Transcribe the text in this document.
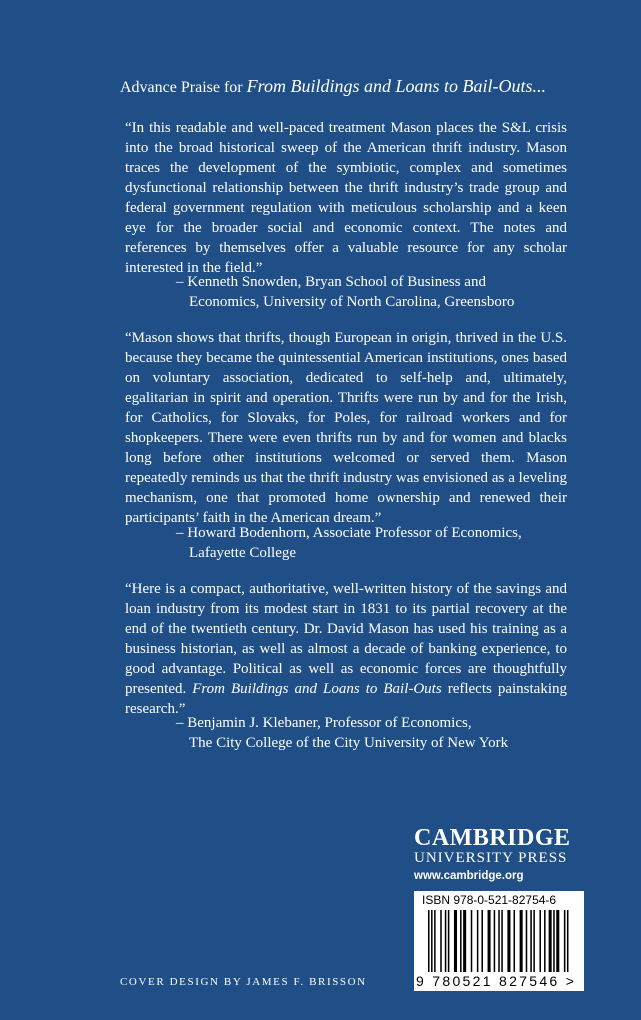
Advance Praise for From Buildings and Loans to Bail-Outs...
“In this readable and well-paced treatment Mason places the S&L crisis into the broad historical sweep of the American thrift industry. Mason traces the development of the symbiotic, complex and sometimes dysfunctional relationship between the thrift industry’s trade group and federal government regulation with meticulous scholarship and a keen eye for the broader social and economic context. The notes and references by themselves offer a valuable resource for any scholar interested in the field.”
– Kenneth Snowden, Bryan School of Business and
Economics, University of North Carolina, Greensboro
“Mason shows that thrifts, though European in origin, thrived in the U.S. because they became the quintessential American institutions, ones based on voluntary association, dedicated to self-help and, ultimately, egalitarian in spirit and operation. Thrifts were run by and for the Irish, for Catholics, for Slovaks, for Poles, for railroad workers and for shopkeepers. There were even thrifts run by and for women and blacks long before other institutions welcomed or served them. Mason repeatedly reminds us that the thrift industry was envisioned as a leveling mechanism, one that promoted home ownership and renewed their participants’ faith in the American dream.”
– Howard Bodenhorn, Associate Professor of Economics,
Lafayette College
“Here is a compact, authoritative, well-written history of the savings and loan industry from its modest start in 1831 to its partial recovery at the end of the twentieth century. Dr. David Mason has used his training as a business historian, as well as almost a decade of banking experience, to good advantage. Political as well as economic forces are thoughtfully presented. From Buildings and Loans to Bail-Outs reflects painstaking research.”
– Benjamin J. Klebaner, Professor of Economics,
The City College of the City University of New York
CAMBRIDGE
UNIVERSITY PRESS
www.cambridge.org
ISBN 978-0-521-82754-6
9 780521 827546 >
COVER DESIGN BY JAMES F. BRISSON
